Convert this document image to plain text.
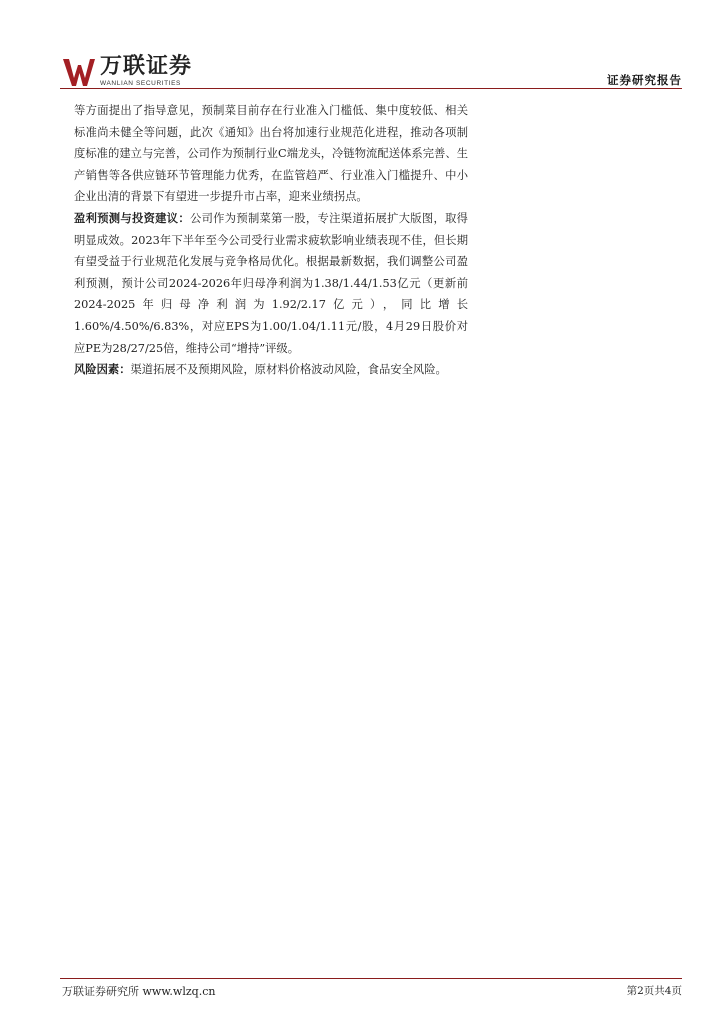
万联证券
WANLIAN SECURITIES	证券研究报告

等方面提出了指导意见，预制菜目前存在行业准入门槛低、集中度较低、相关标准尚未健全等问题，此次《通知》出台将加速行业规范化进程，推动各项制度标准的建立与完善，公司作为预制行业C端龙头，冷链物流配送体系完善、生产销售等各供应链环节管理能力优秀，在监管趋严、行业准入门槛提升、中小企业出清的背景下有望进一步提升市占率，迎来业绩拐点。

盈利预测与投资建议：公司作为预制菜第一股，专注渠道拓展扩大版图，取得明显成效。2023年下半年至今公司受行业需求疲软影响业绩表现不佳，但长期有望受益于行业规范化发展与竞争格局优化。根据最新数据，我们调整公司盈利预测，预计公司2024-2026年归母净利润为1.38/1.44/1.53亿元（更新前2024-2025年归母净利润为1.92/2.17亿元），同比增长1.60%/4.50%/6.83%，对应EPS为1.00/1.04/1.11元/股，4月29日股价对应PE为28/27/25倍，维持公司“增持”评级。

风险因素：渠道拓展不及预期风险，原材料价格波动风险，食品安全风险。

万联证券研究所 www.wlzq.cn	第2页共4页
